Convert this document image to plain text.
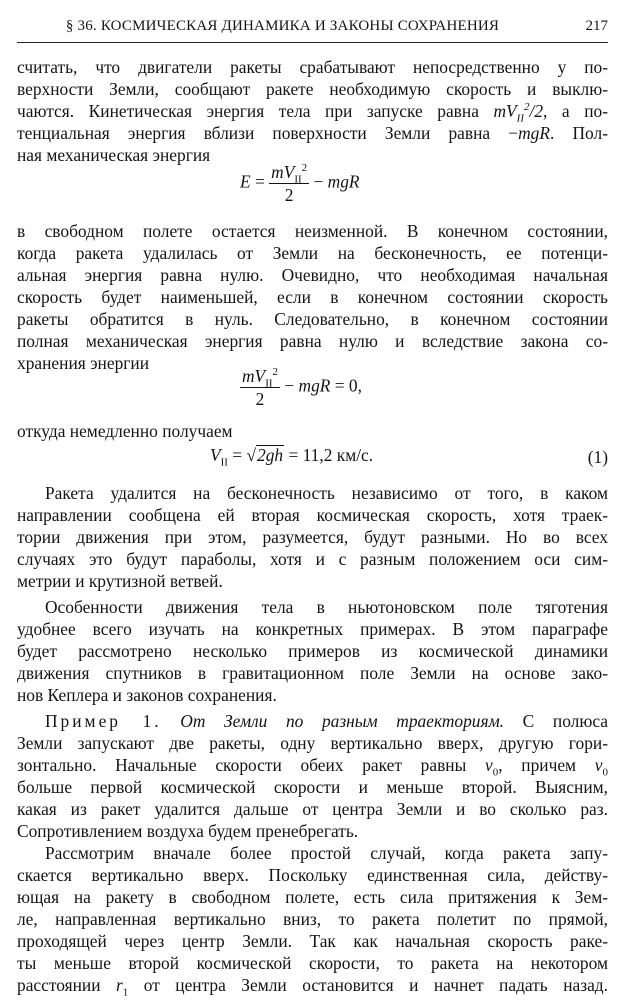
§ 36. КОСМИЧЕСКАЯ ДИНАМИКА И ЗАКОНЫ СОХРАНЕНИЯ	217
считать, что двигатели ракеты срабатывают непосредственно у по-
верхности Земли, сообщают ракете необходимую скорость и выклю-
чаются. Кинетическая энергия тела при запуске равна $mV_{II}^2/2$, а по-
тенциальная энергия вблизи поверхности Земли равна −mgR. Пол-
ная механическая энергия
$E = \frac{mV_{II}^2}{2}$ − mgR
в свободном полете остается неизменной. В конечном состоянии,
когда ракета удалилась от Земли на бесконечность, ее потенци-
альная энергия равна нулю. Очевидно, что необходимая начальная
скорость будет наименьшей, если в конечном состоянии скорость
ракеты обратится в нуль. Следовательно, в конечном состоянии
полная механическая энергия равна нулю и вследствие закона со-
хранения энергии
$\frac{mV_{II}^2}{2}$ − mgR = 0,
откуда немедленно получаем
$V_{II} = √2gh = 11,2$ км/с.	(1)
Ракета удалится на бесконечность независимо от того, в каком
направлении сообщена ей вторая космическая скорость, хотя траек-
тории движения при этом, разумеется, будут разными. Но во всех
случаях это будут параболы, хотя и с разным положением оси сим-
метрии и крутизной ветвей.
Особенности движения тела в ньютоновском поле тяготения
удобнее всего изучать на конкретных примерах. В этом параграфе
будет рассмотрено несколько примеров из космической динамики
движения спутников в гравитационном поле Земли на основе зако-
нов Кеплера и законов сохранения.
Пример 1. От Земли по разным траекториям. С полюса
Земли запускают две ракеты, одну вертикально вверх, другую гори-
зонтально. Начальные скорости обеих ракет равны $v_0$, причем $v_0$
больше первой космической скорости и меньше второй. Выясним,
какая из ракет удалится дальше от центра Земли и во сколько раз.
Сопротивлением воздуха будем пренебрегать.
Рассмотрим вначале более простой случай, когда ракета запу-
скается вертикально вверх. Поскольку единственная сила, действу-
ющая на ракету в свободном полете, есть сила притяжения к Зем-
ле, направленная вертикально вниз, то ракета полетит по прямой,
проходящей через центр Земли. Так как начальная скорость раке-
ты меньше второй космической скорости, то ракета на некотором
расстоянии $r_1$ от центра Земли остановится и начнет падать назад.
